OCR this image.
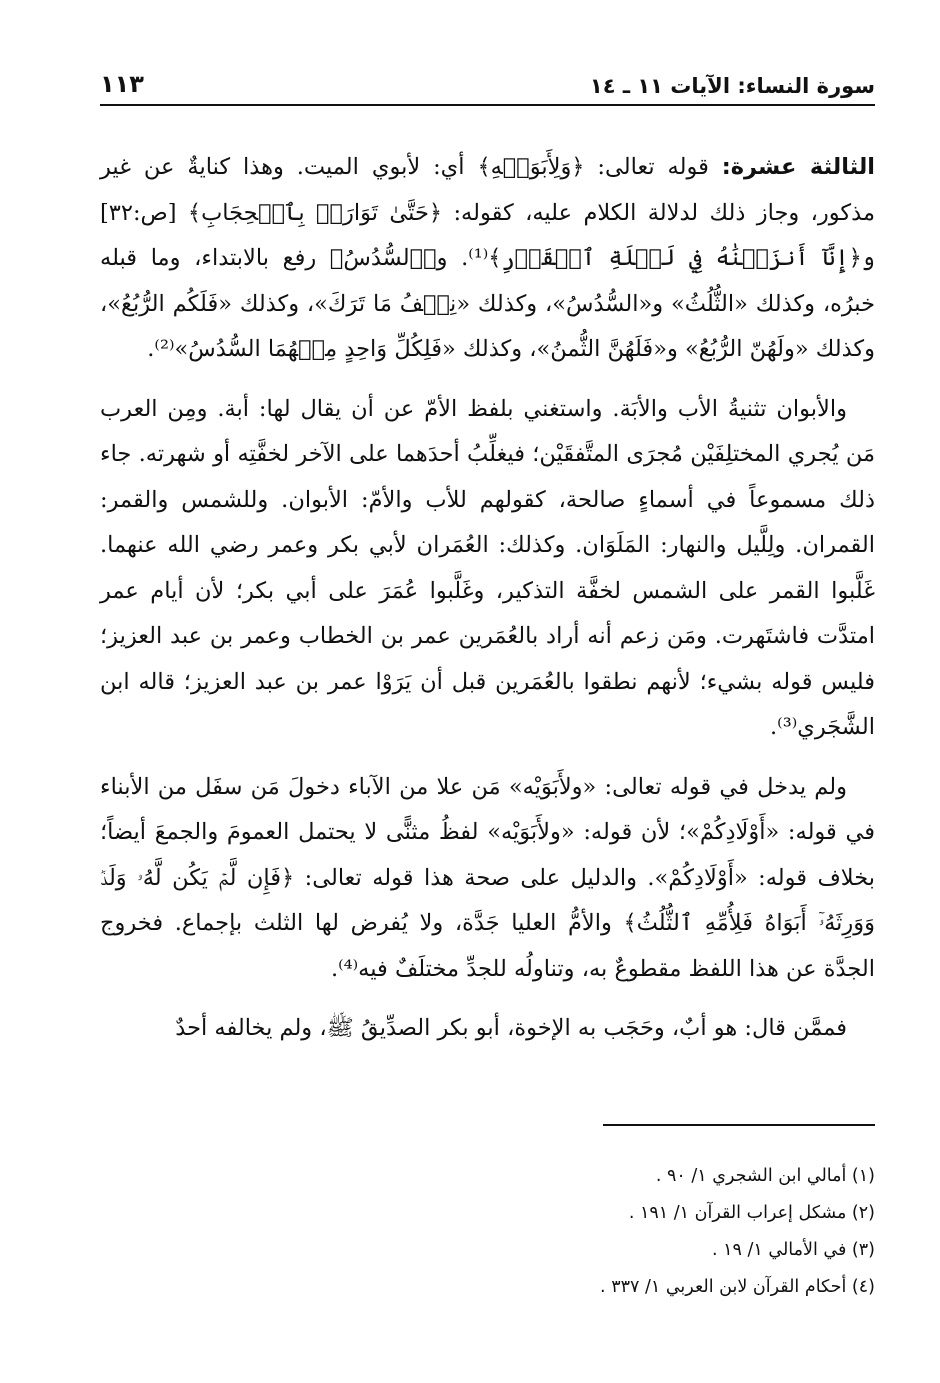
سورة النساء: الآيات ١١ ـ ١٤
١١٣

الثالثة عشرة: قوله تعالى: ﴿وَلِأَبَوَيۡهِ﴾ أي: لأبوي الميت. وهذا كنايةٌ عن غير مذكور، وجاز ذلك لدلالة الكلام عليه، كقوله: ﴿حَتَّىٰ تَوَارَتۡ بِٱلۡحِجَابِ﴾ [ص:٣٢] و﴿إِنَّآ أَنزَلۡنَٰهُ فِي لَيۡلَةِ ٱلۡقَدۡرِ﴾⁽¹⁾. و﴿ٱلسُّدُسُ﴾ رفع بالابتداء، وما قبله خبرُه، وكذلك «الثُّلُثُ» و«السُّدُسُ»، وكذلك «نِصۡفُ مَا تَرَكَ»، وكذلك «فَلَكُم الرُّبُعُ»، وكذلك «ولَهُنّ الرُّبُعُ» و«فَلَهُنَّ الثُّمنُ»، وكذلك «فَلِكُلِّ وَاحِدٍ مِنۡهُمَا السُّدُسُ»⁽²⁾.

والأبوان تثنيةُ الأب والأبَة. واستغني بلفظ الأمّ عن أن يقال لها: أبة. ومِن العرب مَن يُجري المختلِفَيْن مُجرَى المتَّفقَيْن؛ فيغلِّبُ أحدَهما على الآخر لخفَّتِه أو شهرته. جاء ذلك مسموعاً في أسماءٍ صالحة، كقولهم للأب والأمّ: الأبوان. وللشمس والقمر: القمران. ولِلَّيل والنهار: المَلَوَان. وكذلك: العُمَران لأبي بكر وعمر رضي الله عنهما. غَلَّبوا القمر على الشمس لخفَّة التذكير، وغَلَّبوا عُمَرَ على أبي بكر؛ لأن أيام عمر امتدَّت فاشتَهرت. ومَن زعم أنه أراد بالعُمَرين عمر بن الخطاب وعمر بن عبد العزيز؛ فليس قوله بشيء؛ لأنهم نطقوا بالعُمَرين قبل أن يَرَوْا عمر بن عبد العزيز؛ قاله ابن الشَّجَري⁽³⁾.

ولم يدخل في قوله تعالى: «ولأَبَوَيْه» مَن علا من الآباء دخولَ مَن سفَل من الأبناء في قوله: «أَوْلَادِكُمْ»؛ لأن قوله: «ولأَبَوَيْه» لفظُ مثنًّى لا يحتمل العمومَ والجمعَ أيضاً؛ بخلاف قوله: «أَوْلَادِكُمْ». والدليل على صحة هذا قوله تعالى: ﴿فَإِن لَّمۡ يَكُن لَّهُۥ وَلَدٞ وَوَرِثَهُۥٓ أَبَوَاهُ فَلِأُمِّهِ ٱلثُّلُثُ﴾ والأمُّ العليا جَدَّة، ولا يُفرض لها الثلث بإجماع. فخروج الجدَّة عن هذا اللفظ مقطوعٌ به، وتناولُه للجدِّ مختلَفٌ فيه⁽⁴⁾.

فممَّن قال: هو أبٌ، وحَجَب به الإخوة، أبو بكر الصدِّيقُ ﷺ، ولم يخالفه أحدٌ

(١) أمالي ابن الشجري ١/ ٩٠ .

(٢) مشكل إعراب القرآن ١/ ١٩١ .

(٣) في الأمالي ١/ ١٩ .

(٤) أحكام القرآن لابن العربي ١/ ٣٣٧ .
